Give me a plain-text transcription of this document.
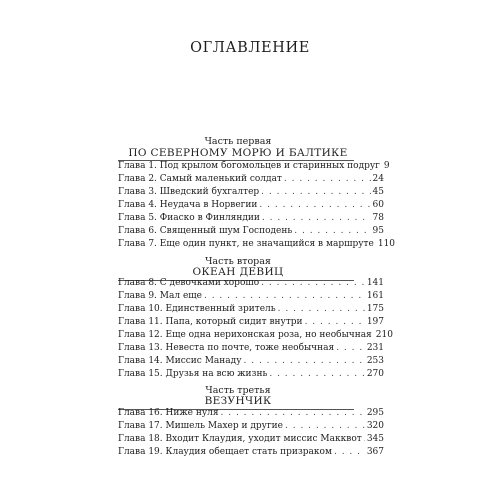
ОГЛАВЛЕНИЕ
Часть первая
ПО СЕВЕРНОМУ МОРЮ И БАЛТИКЕ
Глава 1. Под крылом богомольцев и старинных подруг 9
Глава 2. Самый маленький солдат . . .	24
Глава 3. Шведский бухгалтер . . .	45
Глава 4. Неудача в Норвегии . . .	60
Глава 5. Фиаско в Финляндии . . .	78
Глава 6. Священный шум Господень . . .	95
Глава 7. Еще один пункт, не значащийся в маршруте 110
Часть вторая
ОКЕАН ДЕВИЦ
Глава 8. С девочками хорошо . . .	141
Глава 9. Мал еще . . .	161
Глава 10. Единственный зритель . . .	175
Глава 11. Папа, который сидит внутри . . .	197
Глава 12. Еще одна нерихонская роза, но необычная 210
Глава 13. Невеста по почте, тоже необычная . . .	231
Глава 14. Миссис Манаду . . .	253
Глава 15. Друзья на всю жизнь . . .	270
Часть третья
ВЕЗУНЧИК
Глава 16. Ниже нуля . . .	295
Глава 17. Мишель Махер и другие . . .	320
Глава 18. Входит Клаудия, уходит миссис Макквот . . . 345
Глава 19. Клаудия обещает стать призраком . . .	367
